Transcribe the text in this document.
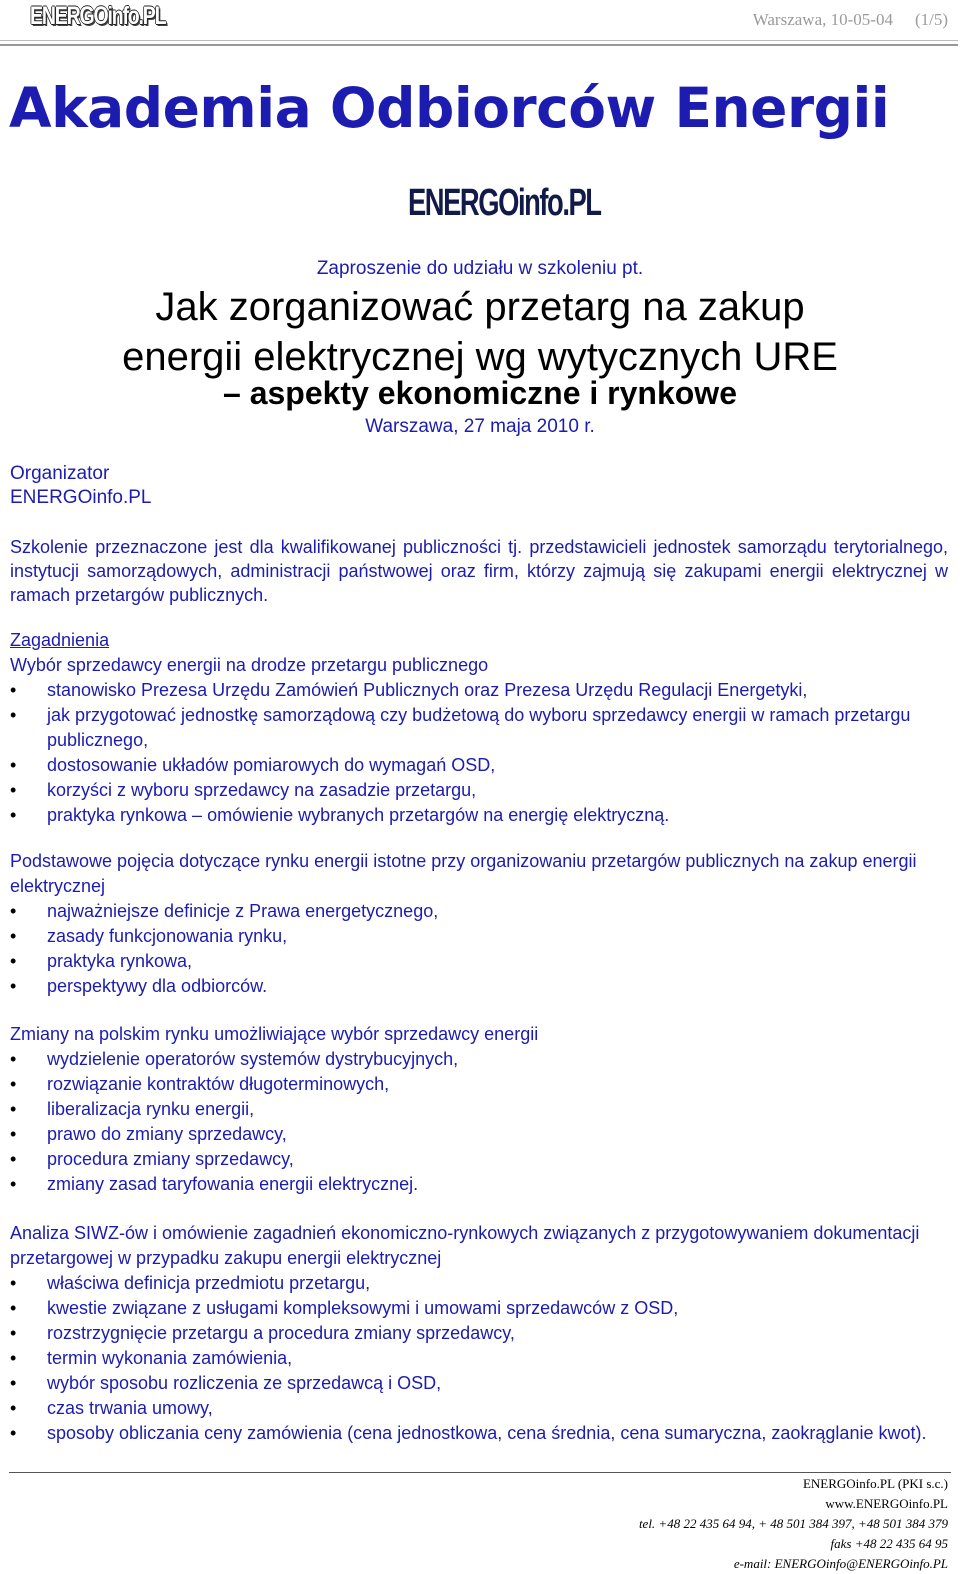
ENERGOinfo.PL	Warszawa, 10-05-04 (1/5)
Akademia Odbiorców Energii
ENERGOinfo.PL
Zaproszenie do udziału w szkoleniu pt.
Jak zorganizować przetarg na zakup
energii elektrycznej wg wytycznych URE
– aspekty ekonomiczne i rynkowe
Warszawa, 27 maja 2010 r.
Organizator
ENERGOinfo.PL
Szkolenie przeznaczone jest dla kwalifikowanej publiczności tj. przedstawicieli jednostek samorządu terytorialnego, instytucji samorządowych, administracji państwowej oraz firm, którzy zajmują się zakupami energii elektrycznej w ramach przetargów publicznych.
Zagadnienia
Wybór sprzedawcy energii na drodze przetargu publicznego
• stanowisko Prezesa Urzędu Zamówień Publicznych oraz Prezesa Urzędu Regulacji Energetyki,
• jak przygotować jednostkę samorządową czy budżetową do wyboru sprzedawcy energii w ramach przetargu publicznego,
• dostosowanie układów pomiarowych do wymagań OSD,
• korzyści z wyboru sprzedawcy na zasadzie przetargu,
• praktyka rynkowa – omówienie wybranych przetargów na energię elektryczną.
Podstawowe pojęcia dotyczące rynku energii istotne przy organizowaniu przetargów publicznych na zakup energii elektrycznej
• najważniejsze definicje z Prawa energetycznego,
• zasady funkcjonowania rynku,
• praktyka rynkowa,
• perspektywy dla odbiorców.
Zmiany na polskim rynku umożliwiające wybór sprzedawcy energii
• wydzielenie operatorów systemów dystrybucyjnych,
• rozwiązanie kontraktów długoterminowych,
• liberalizacja rynku energii,
• prawo do zmiany sprzedawcy,
• procedura zmiany sprzedawcy,
• zmiany zasad taryfowania energii elektrycznej.
Analiza SIWZ-ów i omówienie zagadnień ekonomiczno-rynkowych związanych z przygotowywaniem dokumentacji przetargowej w przypadku zakupu energii elektrycznej
• właściwa definicja przedmiotu przetargu,
• kwestie związane z usługami kompleksowymi i umowami sprzedawców z OSD,
• rozstrzygnięcie przetargu a procedura zmiany sprzedawcy,
• termin wykonania zamówienia,
• wybór sposobu rozliczenia ze sprzedawcą i OSD,
• czas trwania umowy,
• sposoby obliczania ceny zamówienia (cena jednostkowa, cena średnia, cena sumaryczna, zaokrąglanie kwot).
ENERGOinfo.PL (PKI s.c.)
www.ENERGOinfo.PL
tel. +48 22 435 64 94, + 48 501 384 397, +48 501 384 379
faks +48 22 435 64 95
e-mail: ENERGOinfo@ENERGOinfo.PL
